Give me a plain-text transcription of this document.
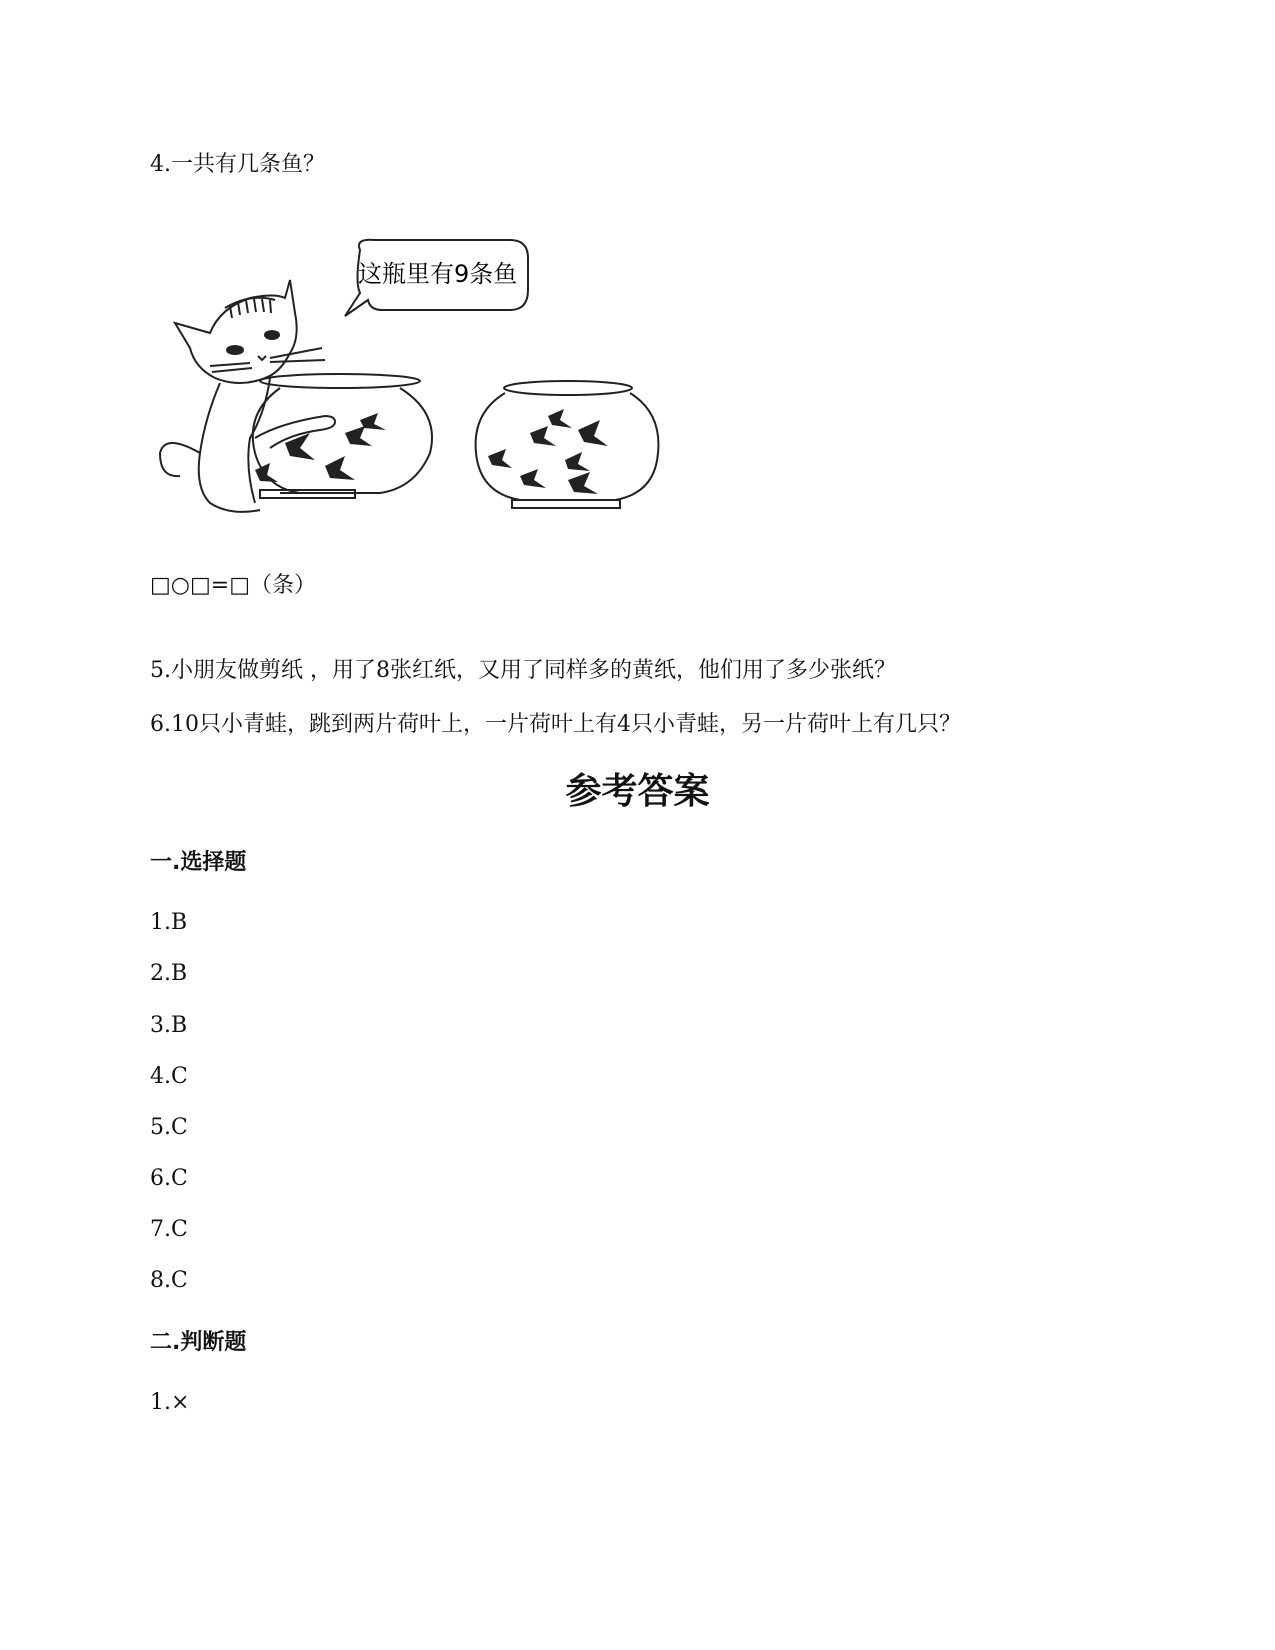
4.一共有几条鱼？
这瓶里有9条鱼
□○□=□（条）
5.小朋友做剪纸 ，用了8张红纸，又用了同样多的黄纸，他们用了多少张纸？
6.10只小青蛙，跳到两片荷叶上，一片荷叶上有4只小青蛙，另一片荷叶上有几只？
参考答案
一.选择题
1.B
2.B
3.B
4.C
5.C
6.C
7.C
8.C
二.判断题
1.×
